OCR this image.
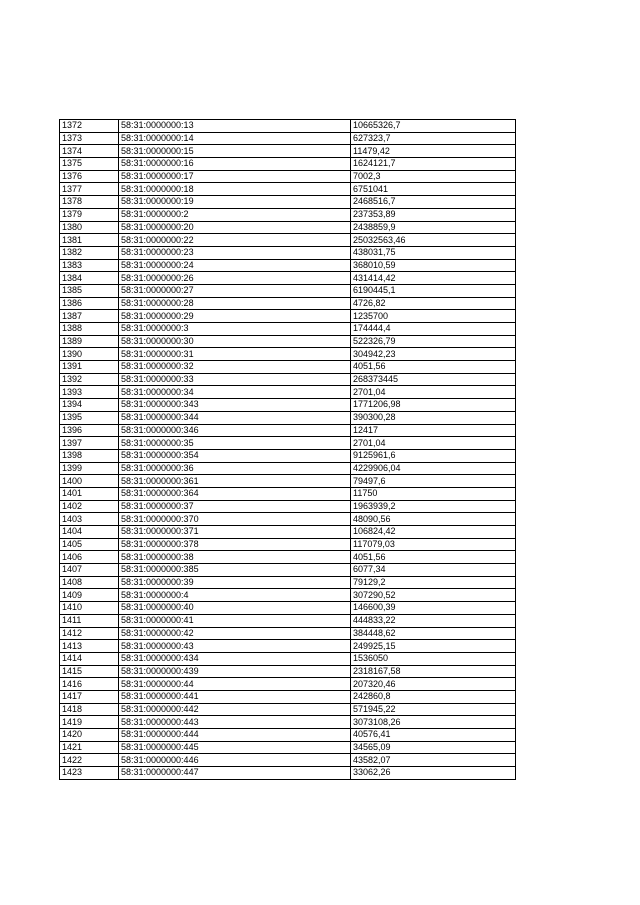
1372	58:31:0000000:13	10665326,7
1373	58:31:0000000:14	627323,7
1374	58:31:0000000:15	11479,42
1375	58:31:0000000:16	1624121,7
1376	58:31:0000000:17	7002,3
1377	58:31:0000000:18	6751041
1378	58:31:0000000:19	2468516,7
1379	58:31:0000000:2	237353,89
1380	58:31:0000000:20	2438859,9
1381	58:31:0000000:22	25032563,46
1382	58:31:0000000:23	438031,75
1383	58:31:0000000:24	368010,59
1384	58:31:0000000:26	431414,42
1385	58:31:0000000:27	6190445,1
1386	58:31:0000000:28	4726,82
1387	58:31:0000000:29	1235700
1388	58:31:0000000:3	174444,4
1389	58:31:0000000:30	522326,79
1390	58:31:0000000:31	304942,23
1391	58:31:0000000:32	4051,56
1392	58:31:0000000:33	268373445
1393	58:31:0000000:34	2701,04
1394	58:31:0000000:343	1771206,98
1395	58:31:0000000:344	390300,28
1396	58:31:0000000:346	12417
1397	58:31:0000000:35	2701,04
1398	58:31:0000000:354	9125961,6
1399	58:31:0000000:36	4229906,04
1400	58:31:0000000:361	79497,6
1401	58:31:0000000:364	11750
1402	58:31:0000000:37	1963939,2
1403	58:31:0000000:370	48090,56
1404	58:31:0000000:371	106824,42
1405	58:31:0000000:378	117079,03
1406	58:31:0000000:38	4051,56
1407	58:31:0000000:385	6077,34
1408	58:31:0000000:39	79129,2
1409	58:31:0000000:4	307290,52
1410	58:31:0000000:40	146600,39
1411	58:31:0000000:41	444833,22
1412	58:31:0000000:42	384448,62
1413	58:31:0000000:43	249925,15
1414	58:31:0000000:434	1536050
1415	58:31:0000000:439	2318167,58
1416	58:31:0000000:44	207320,46
1417	58:31:0000000:441	242860,8
1418	58:31:0000000:442	571945,22
1419	58:31:0000000:443	3073108,26
1420	58:31:0000000:444	40576,41
1421	58:31:0000000:445	34565,09
1422	58:31:0000000:446	43582,07
1423	58:31:0000000:447	33062,26
